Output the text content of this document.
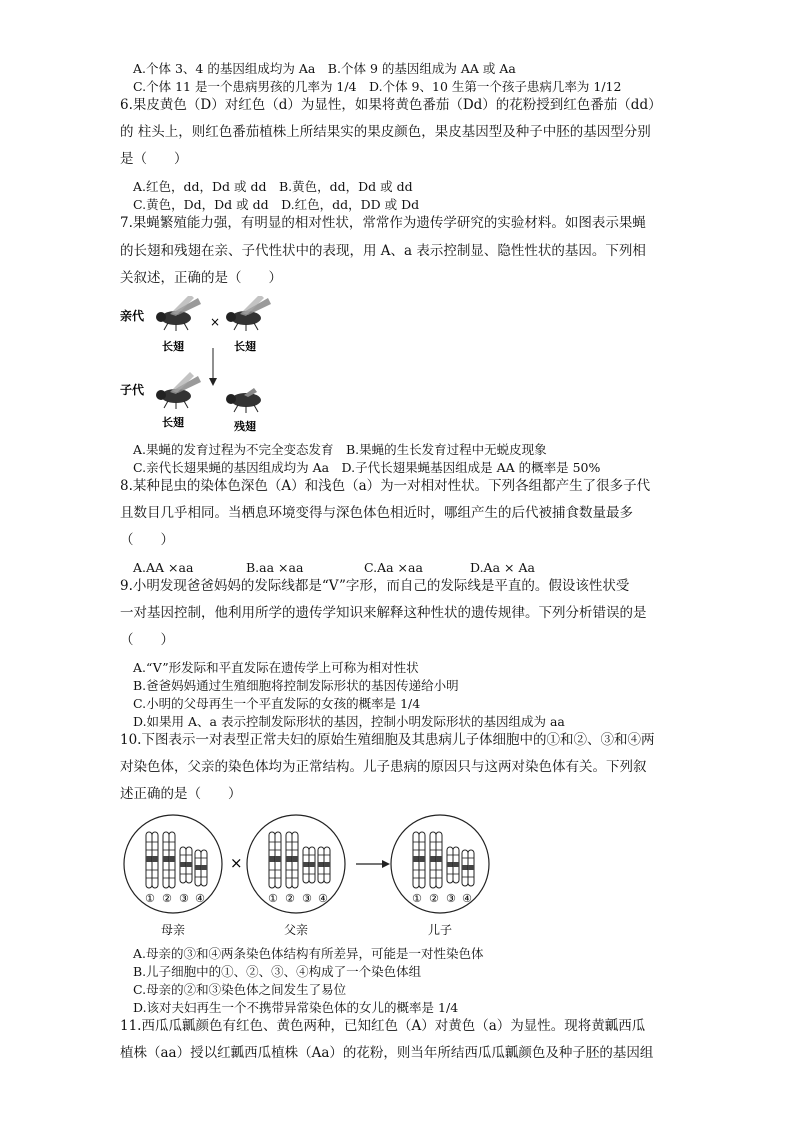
A.个体 3、4 的基因组成均为 Aa　B.个体 9 的基因组成为 AA 或 Aa
C.个体 11 是一个患病男孩的几率为 1/4　D.个体 9、10 生第一个孩子患病几率为 1/12
6.果皮黄色（D）对红色（d）为显性，如果将黄色番茄（Dd）的花粉授到红色番茄（dd）
的 柱头上，则红色番茄植株上所结果实的果皮颜色，果皮基因型及种子中胚的基因型分别
是（　　）
A.红色，dd，Dd 或 dd　B.黄色，dd，Dd 或 dd
C.黄色，Dd，Dd 或 dd　D.红色，dd，DD 或 Dd
7.果蝇繁殖能力强，有明显的相对性状，常常作为遗传学研究的实验材料。如图表示果蝇
的长翅和残翅在亲、子代性状中的表现，用 A、a 表示控制显、隐性性状的基因。下列相
关叙述，正确的是（　　）
亲代	×
长翅	长翅
子代
长翅	残翅
A.果蝇的发育过程为不完全变态发育　B.果蝇的生长发育过程中无蜕皮现象
C.亲代长翅果蝇的基因组成均为 Aa　D.子代长翅果蝇基因组成是 AA 的概率是 50%
8.某种昆虫的染体色深色（A）和浅色（a）为一对相对性状。下列各组都产生了很多子代
且数目几乎相同。当栖息环境变得与深色体色相近时，哪组产生的后代被捕食数量最多
（　　）
A.AA ×aa	B.aa ×aa	C.Aa ×aa	D.Aa × Aa
9.小明发现爸爸妈妈的发际线都是“V”字形，而自己的发际线是平直的。假设该性状受
一对基因控制，他利用所学的遗传学知识来解释这种性状的遗传规律。下列分析错误的是
（　　）
A.“V”形发际和平直发际在遗传学上可称为相对性状
B.爸爸妈妈通过生殖细胞将控制发际形状的基因传递给小明
C.小明的父母再生一个平直发际的女孩的概率是 1/4
D.如果用 A、a 表示控制发际形状的基因，控制小明发际形状的基因组成为 aa
10.下图表示一对表型正常夫妇的原始生殖细胞及其患病儿子体细胞中的①和②、③和④两
对染色体，父亲的染色体均为正常结构。儿子患病的原因只与这两对染色体有关。下列叙
述正确的是（　　）
① ② ③ ④
×
① ② ③ ④	① ② ③ ④
母亲	父亲	儿子
A.母亲的③和④两条染色体结构有所差异，可能是一对性染色体
B.儿子细胞中的①、②、③、④构成了一个染色体组
C.母亲的②和③染色体之间发生了易位
D.该对夫妇再生一个不携带异常染色体的女儿的概率是 1/4
11.西瓜瓜瓤颜色有红色、黄色两种，已知红色（A）对黄色（a）为显性。现将黄瓤西瓜
植株（aa）授以红瓤西瓜植株（Aa）的花粉，则当年所结西瓜瓜瓤颜色及种子胚的基因组
